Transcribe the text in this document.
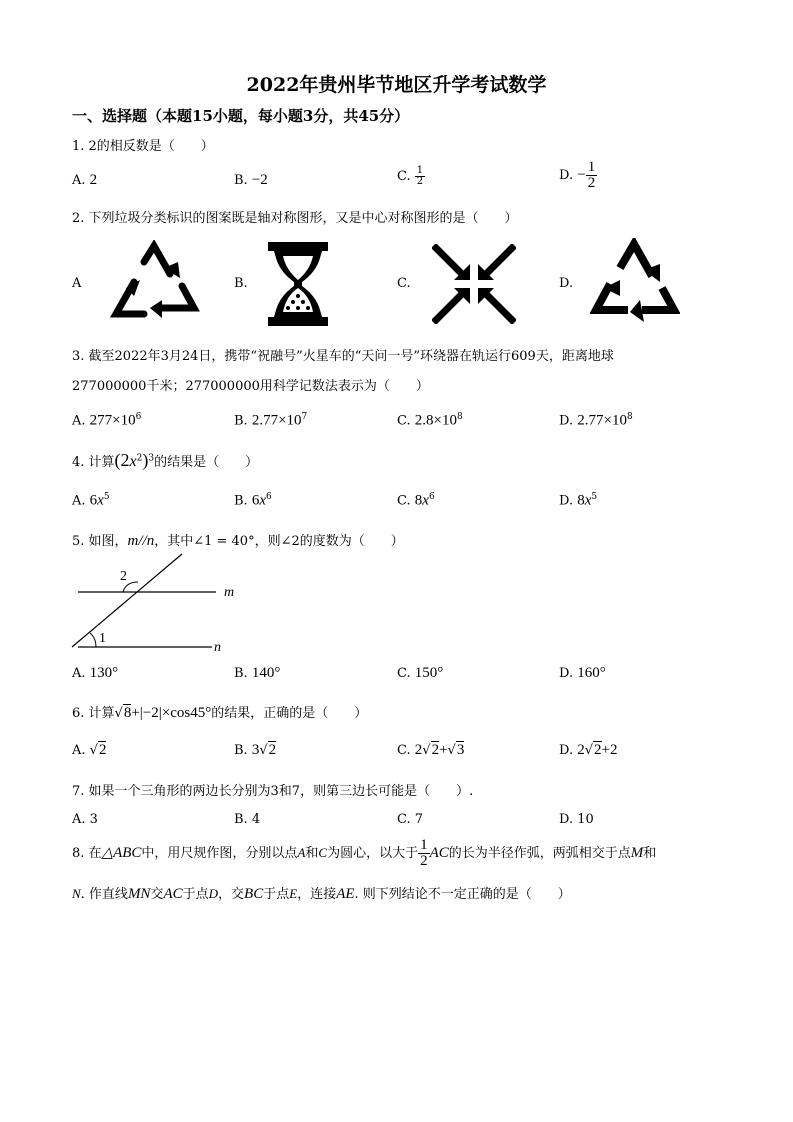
2022年贵州毕节地区升学考试数学
一、选择题（本题15小题，每小题3分，共45分）
1. 2的相反数是（　　）
A. 2	B. −2	C. $\frac{1}{2}$	D. − $\frac{1}{2}$
2. 下列垃圾分类标识的图案既是轴对称图形，又是中心对称图形的是（　　）
A	B.	C.	D.
3. 截至2022年3月24日，携带“祝融号”火星车的“天问一号”环绕器在轨运行609天，距离地球
277000000千米；277000000用科学记数法表示为（　　）
A. $277\times 10^6$	B. $2.77\times 10^7$	C. $2.8\times 10^8$	D. $2.77\times 10^8$
4. 计算$(2x^2)^3$的结果是（　　）
A. $6x^5$	B. $6x^6$	C. $8x^6$	D. $8x^5$
5. 如图，m//n，其中∠1 = 40°，则∠2的度数为（　　）
m
n
1
2
A. 130°	B. 140°	C. 150°	D. 160°
6. 计算√8+|−2|×cos45°的结果，正确的是（　　）
A. √2	B. 3√2	C. 2√2+√3	D. 2√2+2
7. 如果一个三角形的两边长分别为3和7，则第三边长可能是（　　）.
A. 3	B. 4	C. 7	D. 10
8. 在△ABC中，用尺规作图，分别以点A和C为圆心，以大于 $\frac{1}{2}$ AC的长为半径作弧，两弧相交于点M和
N. 作直线MN交AC于点D，交BC于点E，连接AE. 则下列结论不一定正确的是（　　）
